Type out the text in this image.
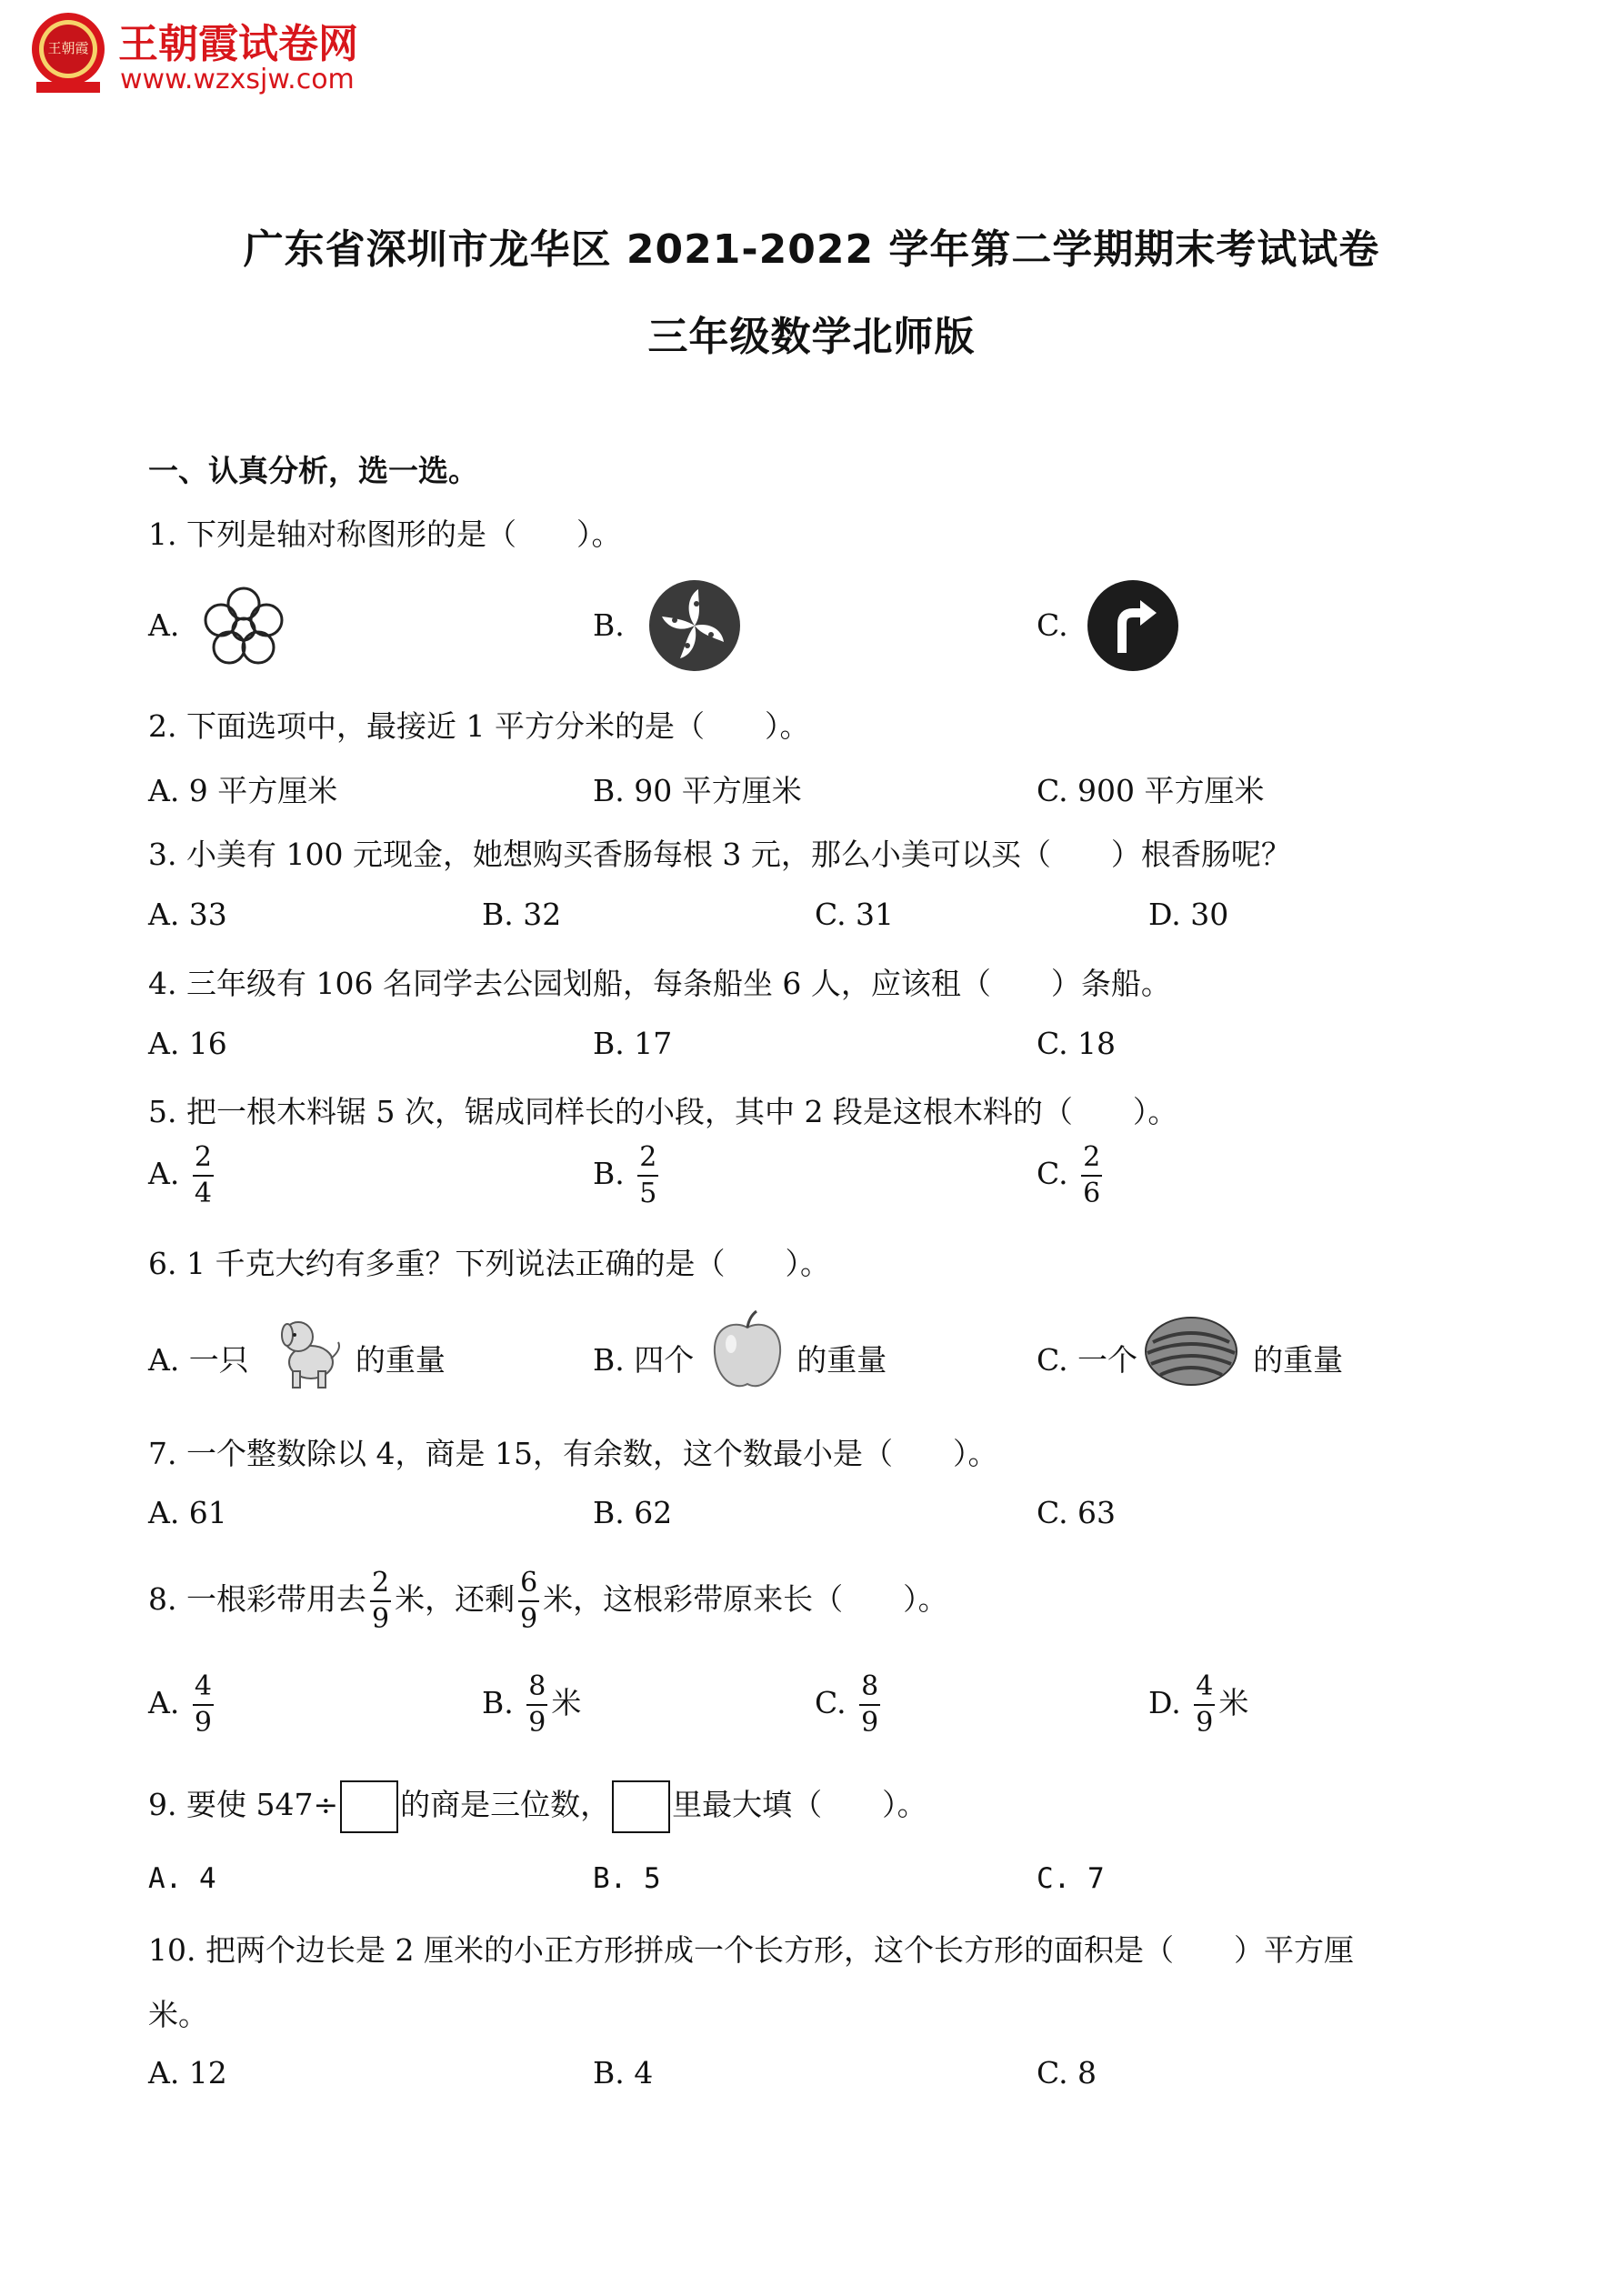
王朝霞 王朝霞试卷网
www.wzxsjw.com
广东省深圳市龙华区 2021-2022 学年第二学期期末考试试卷
三年级数学北师版
一、认真分析，选一选。
1. 下列是轴对称图形的是（　　）。
A.	B.	C.
2. 下面选项中，最接近 1 平方分米的是（　　）。
A. 9 平方厘米	B. 90 平方厘米	C. 900 平方厘米
3. 小美有 100 元现金，她想购买香肠每根 3 元，那么小美可以买（　　）根香肠呢？
A. 33	B. 32	C. 31	D. 30
4. 三年级有 106 名同学去公园划船，每条船坐 6 人，应该租（　　）条船。
A. 16	B. 17	C. 18
5. 把一根木料锯 5 次，锯成同样长的小段，其中 2 段是这根木料的（　　）。
A. $\frac{2}{4}$	B. $\frac{2}{5}$	C. $\frac{2}{6}$
6. 1 千克大约有多重？下列说法正确的是（　　）。
A. 一只	的重量	B. 四个	的重量	C. 一个	的重量
7. 一个整数除以 4，商是 15，有余数，这个数最小是（　　）。
A. 61	B. 62	C. 63
8. 一根彩带用去 $\frac{2}{9}$ 米，还剩 $\frac{6}{9}$ 米，这根彩带原来长（　　）。
A. $\frac{4}{9}$	B. $\frac{8}{9}$ 米	C. $\frac{8}{9}$	D. $\frac{4}{9}$ 米
9. 要使 547÷ 的商是三位数， 里最大填（　　）。
A. 4	B. 5	C. 7
10. 把两个边长是 2 厘米的小正方形拼成一个长方形，这个长方形的面积是（　　）平方厘
米。
A. 12	B. 4	C. 8
